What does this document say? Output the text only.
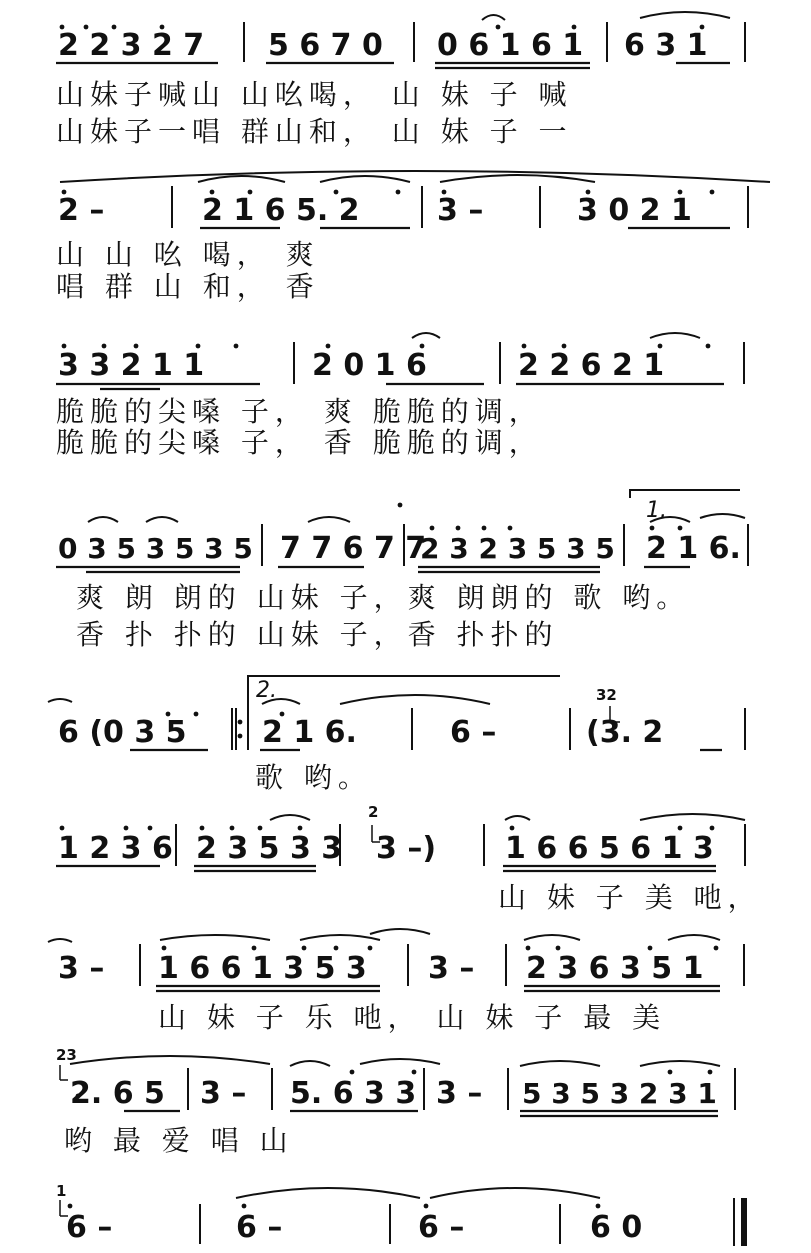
2 2 3 2 7 5 6 7 0 0 6 1 6 1 6 3 1
山妹子喊山 山吆喝， 山 妹 子 喊
山妹子一唱 群山和， 山 妹 子 一
2 –	2 1 6 5. 2	3 –	3 0 2 1
山 山 吆 喝， 爽
唱 群 山 和， 香
3 3 2 1 1	2 0 1 6	2 2 6 2 1
脆脆的尖嗓 子， 爽 脆脆的调，
脆脆的尖嗓 子， 香 脆脆的调，
1.
0 3 5 3 5 3 5 7 7 6 7 7
2 3 2 3 5 3 5 2 1 6.
爽 朗 朗的 山妹 子，爽 朗朗的 歌 哟。
香 扑 扑的 山妹 子，香 扑扑的
2.	32
6 (0 3 5	2 1 6.	6 –	(3. 2
歌 哟。
2
1 2 3 6 2 3 5 3 3 3 –) 1 6 6 5 6 1 3
山 妹 子 美 吔，
3 – 1 6 6 1 3 5 3 3 – 2 3 6 3 5 1
山 妹 子 乐 吔， 山 妹 子 最 美
23
2. 6 5 3 – 5. 6 3 3 3 – 5 3 5 3 2 3 1
哟 最 爱 唱 山
1
6 –	6 –	6 –	6 0
